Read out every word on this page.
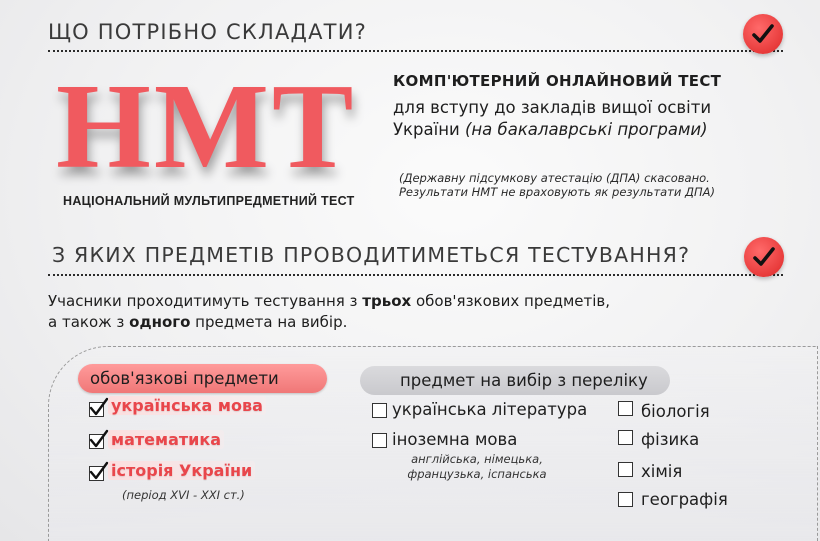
ЩО ПОТРІБНО СКЛАДАТИ?
НМТ
НАЦІОНАЛЬНИЙ МУЛЬТИПРЕДМЕТНИЙ ТЕСТ
КОМП'ЮТЕРНИЙ ОНЛАЙНОВИЙ ТЕСТ
для вступу до закладів вищої освіти
України (на бакалаврські програми)
(Державну підсумкову атестацію (ДПА) скасовано.
Результати НМТ не враховують як результати ДПА)
З ЯКИХ ПРЕДМЕТІВ ПРОВОДИТИМЕТЬСЯ ТЕСТУВАННЯ?
Учасники проходитимуть тестування з трьох обов'язкових предметів,
а також з одного предмета на вибір.
обов'язкові предмети	предмет на вибір з переліку
українська мова
математика
історія України
(період XVI - XXI ст.)
українська література
іноземна мова
англійська, німецька,
французька, іспанська
біологія
фізика
хімія
географія
